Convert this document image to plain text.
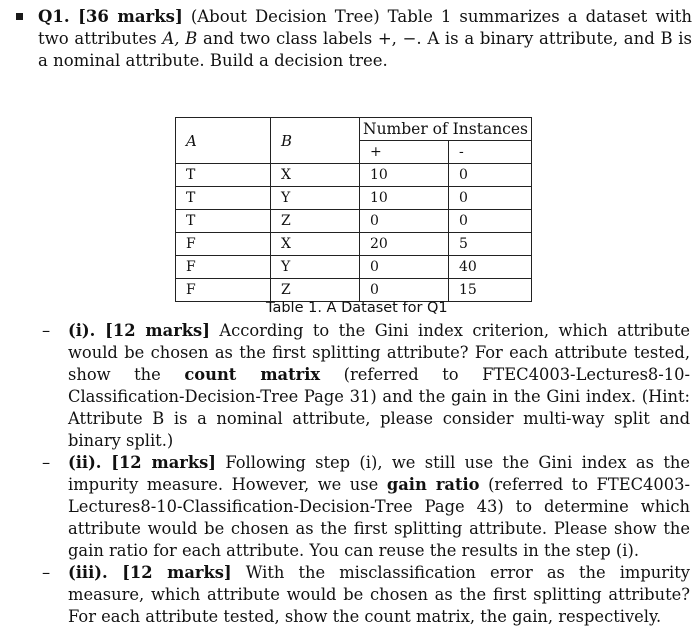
Q1. [36 marks] (About Decision Tree) Table 1 summarizes a dataset with two attributes A, B and two class labels +, −. A is a binary attribute, and B is a nominal attribute. Build a decision tree.
A	B	Number of Instances	
		+	-
T	X	10	0
T	Y	10	0
T	Z	0	0
F	X	20	5
F	Y	0	40
F	Z	0	15
Table 1. A Dataset for Q1
– (i). [12 marks] According to the Gini index criterion, which attribute would be chosen as the first splitting attribute? For each attribute tested, show the count matrix (referred to FTEC4003-Lectures8-10-Classification-Decision-Tree Page 31) and the gain in the Gini index. (Hint: Attribute B is a nominal attribute, please consider multi-way split and binary split.)
– (ii). [12 marks] Following step (i), we still use the Gini index as the impurity measure. However, we use gain ratio (referred to FTEC4003-Lectures8-10-Classification-Decision-Tree Page 43) to determine which attribute would be chosen as the first splitting attribute. Please show the gain ratio for each attribute. You can reuse the results in the step (i).
– (iii). [12 marks] With the misclassification error as the impurity measure, which attribute would be chosen as the first splitting attribute? For each attribute tested, show the count matrix, the gain, respectively.
